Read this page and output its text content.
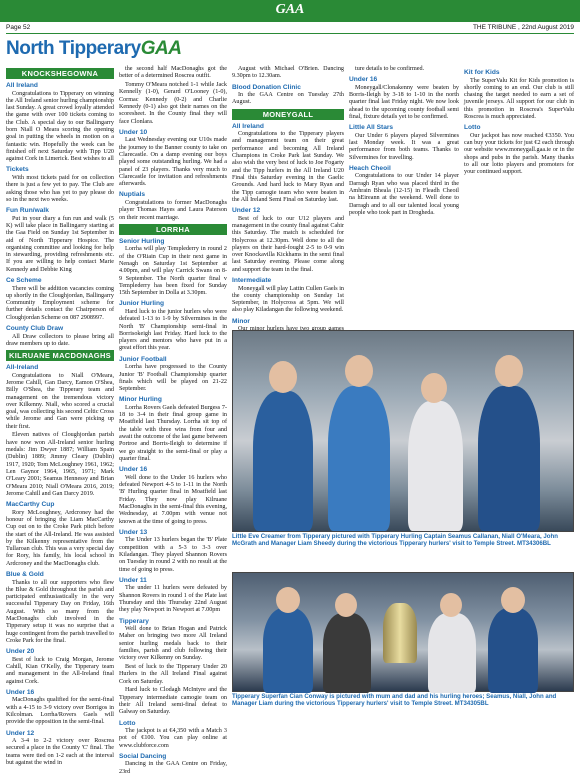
GAA
Page 52	THE TRIBUNE , 22nd August 2019
North TipperaryGAA
KNOCKSHEGOWNA
All Ireland

Congratulations to Tipperary on winning the All Ireland senior hurling championship last Sunday. A great crowd loyally attended the game with over 100 tickets coming to the Club. A special day to our Ballingarry born Niall O Meara scoring the opening goal in putting the wheels in motion on a fantastic win. Hopefully the week can be finished off next Saturday with Tipp U20 against Cork in Limerick. Best wishes to all

Tickets

With most tickets paid for on collection there is just a few yet to pay. The Club are asking those who has yet to pay please do so in the next two weeks.

Fun Run/walk

Put in your diary a fun run and walk (5 K) will take place in Ballingarry starting at the Gaa Field on Sunday 1st September in aid of North Tipperary Hospice. The organising committee and looking for help in stewarding, providing refreshments etc. If you are willing to help contact Marie Kennedy and Debbie King

Ce Scheme

There will be addition vacancies coming up shortly in the Cloughjordan, Ballingarry Community Employment scheme for further details contact the Chairperson of Cloughjordan Scheme on 087 2908997.

County Club Draw

All Draw collectors to please bring all draw members up to date.

KILRUANE MACDONAGHS
All-Ireland

Congratulations to Niall O'Meara, Jerome Cahill, Gan Darcy, Eamon O'Shea, Billy O'Shea, the Tipperary team and management on the tremendous victory over Kilkenny. Niall, who scored a crucial goal, was collecting his second Celtic Cross while Jerome and Gan were picking up their first.

Eleven natives of Cloughjordan parish have now won All-Ireland senior hurling medals: Jim Dwyer 1887; William Spain (Dublin) 1889; Jimmy Cleary (Dublin) 1917, 1920; Tom McLoughney 1961, 1962; Len Gaynor 1964, 1965, 1971; Mark O'Leary 2001; Seamus Hennessy and Brian O'Meara 2010; Niall O'Meara 2016, 2019; Jerome Cahill and Gan Darcy 2019.

MacCarthy Cup

Rory McLoughney, Ardcroney had the honour of bringing the Liam MacCarthy Cup out on to the Croke Park pitch before the start of the All-Ireland. He was assisted by the Kilkenny representative from the Tullaroan club. This was a very special day for Rory, his family, his local school in Ardcroney and the MacDonaghs club.

Blue & Gold

Thanks to all our supporters who flew the Blue & Gold throughout the parish and participated enthusiastically in the very successful Tipperary Day on Friday, 16th August. With so many from the MacDonaghs club involved in the Tipperary setup it was no surprise that a huge contingent from the parish travelled to Croke Park for the final.

Under 20

Best of luck to Craig Morgan, Jerome Cahill, Kian O'Kelly, the Tipperary team and management in the All-Ireland final against Cork.

Under 16

MacDonaghs qualified for the semi-final with a 4-15 to 3-9 victory over Borrigos in Kilcolman. Lorrha/Rovers Gaels will provide the opposition in the semi-final.

Under 12

A 3-4 to 2-2 victory over Roscrea secured a place in the County 'C' final. The teams were tied on 1-2 each at the interval but against the wind in

the second half MacDonaghs got the better of a determined Roscrea outfit.

Tommy O'Meara notched 1-1 while Jack Kennelly (1-0), Gerard O'Looney (1-0), Cormac Kennedy (0-2) and Charlie Kennedy (0-1) also got their names on the scoresheet. In the County final they will face Clonlara.

Under 10

Last Wednesday evening our U10s made the journey to the Banner county to take on Clarecastle. On a damp evening our boys played some outstanding hurling. We had a panel of 23 players. Thanks very much to Clarecastle for invitation and refreshments afterwards.

Nuptials

Congratulations to former MacDonaghs player Thomas Hayes and Laura Paterson on their recent marriage.

LORRHA
Senior Hurling

Lorrha will play Templederry in round 2 of the O'Riain Cup in their next game in Nenagh on Saturday 1st September at 4.00pm, and will play Carrick Swans on 8-9 September. The North quarter final v Templederry has been fixed for Sunday 15th September in Dolla at 3.30pm.

Junior Hurling

Hard luck to the junior hurlers who were defeated 1-13 to 1-9 by Silvermines in the North 'B' Championship semi-final in Borrisokeigh last Friday. Hard luck to the players and mentors who have put in a great effort this year.

Junior Football

Lorrha have progressed to the County Junior 'B' Football Championship quarter finals which will be played on 21-22 September.

Minor Hurling

Lorrha Rovers Gaels defeated Burgess 7-18 to 3-4 in their final group game in Moatfield last Thursday. Lorrha sit top of the table with three wins from four and await the outcome of the last game between Portroe and Borris-Ileigh to determine if we go straight to the semi-final or play a quarter final.

Under 16

Well done to the Under 16 hurlers who defeated Newport 4-5 to 1-11 in the North 'B' Hurling quarter final in Moatfield last Friday. They now play Kilruane MacDonaghs in the semi-final this evening, Wednesday, at 7.00pm with venue not known at the time of going to press.

Under 13

The Under 13 hurlers began the 'B' Plate competition with a 5-3 to 3-3 over Kiladangan. They played Shannon Rovers on Tuesday in round 2 with no result at the time of going to press.

Under 11

The under 11 hurlers were defeated by Shannon Rovers in round 1 of the Plate last Thursday and this Thursday 22nd August they play Newport in Newport at 7.00pm

Tipperary

Well done to Brian Hogan and Patrick Maher on bringing two more All Ireland senior hurling medals back to their families, parish and club following their victory over Kilkenny on Sunday.

Best of luck to the Tipperary Under 20 Hurlers in the All Ireland Final against Cork on Saturday.

Hard luck to Clodagh McIntyre and the Tipperary intermediate camogie team on their All Ireland semi-final defeat to Galway on Saturday.

Lotto

The jackpot is at €4,350 with a Match 3 pot of €100. You can play online at www.clubforce.com

Social Dancing

Dancing in the GAA Centre on Friday, 23rd

August with Michael O'Brien. Dancing 9.30pm to 12.30am.

Blood Donation Clinic

In the GAA Centre on Tuesday 27th August.

MONEYGALL
All Ireland

Congratulations to the Tipperary players and management team on their great performance and becoming All Ireland Champions in Croke Park last Sunday. We also wish the very best of luck to Joe Fogarty and the Tipp hurlers in the All Ireland U20 Final this Saturday evening in the Gaelic Grounds. And hard luck to Mary Ryan and the Tipp camogie team who were beaten in the All Ireland Semi Final on Saturday last.

Under 12

Best of luck to our U12 players and management in the county final against Cahir this Saturday. The match is scheduled for Holycross at 12.30pm. Well done to all the players on their hard-fought 2-5 to 0-9 win over Knockavilla Kickhams in the semi final last Saturday evening. Please come along and support the team in the final.

Intermediate

Moneygall will play Lattin Cullen Gaels in the county championship on Sunday 1st September, in Holycross at 5pm. We will also play Kiladangan the following weekend.

Minor

ture details to be confirmed.

Under 16

Moneygall/Clonakenny were beaten by Borris-Ileigh by 3-18 to 1-10 in the north quarter final last Friday night. We now look ahead to the upcoming county football semi final, fixture details yet to be confirmed.

Little All Stars

Our Under 6 players played Silvermines last Monday week. It was a great performance from both teams. Thanks to Silvermines for travelling.

Heach Cheoil

Congratulations to our Under 14 player Darragh Ryan who was placed third in the Amhrain Bheala (12-15) in Fleadh Cheoil na hEireann at the weekend. Well done to Darragh and to all our talented local young people who took part in Drogheda.

Kit for Kids

The SuperValu Kit for Kids promotion is shortly coming to an end. Our club is still chasing the target needed to earn a set of juvenile jerseys. All support for our club in this promotion in Roscrea's SuperValu Roscrea is much appreciated.

Lotto

Our jackpot has now reached €3350. You can buy your tickets for just €2 each through our website www.moneygall.gaa.ie or in the shops and pubs in the parish. Many thanks to all our lotto players and promoters for your continued support.

Little Eve Creamer from Tipperary pictured with Tipperary Hurling Captain Seamus Callanan, Niall O'Meara, John McGrath and Manager Liam Sheedy during the victorious Tipperary hurlers' visit to Temple Street. MT34306BL
Tipperary Superfan Cian Conway is pictured with mum and dad and his hurling heroes; Seamus, Niall, John and Manager Liam during the victorious Tipperary hurlers' visit to Temple Street. MT34305BL
